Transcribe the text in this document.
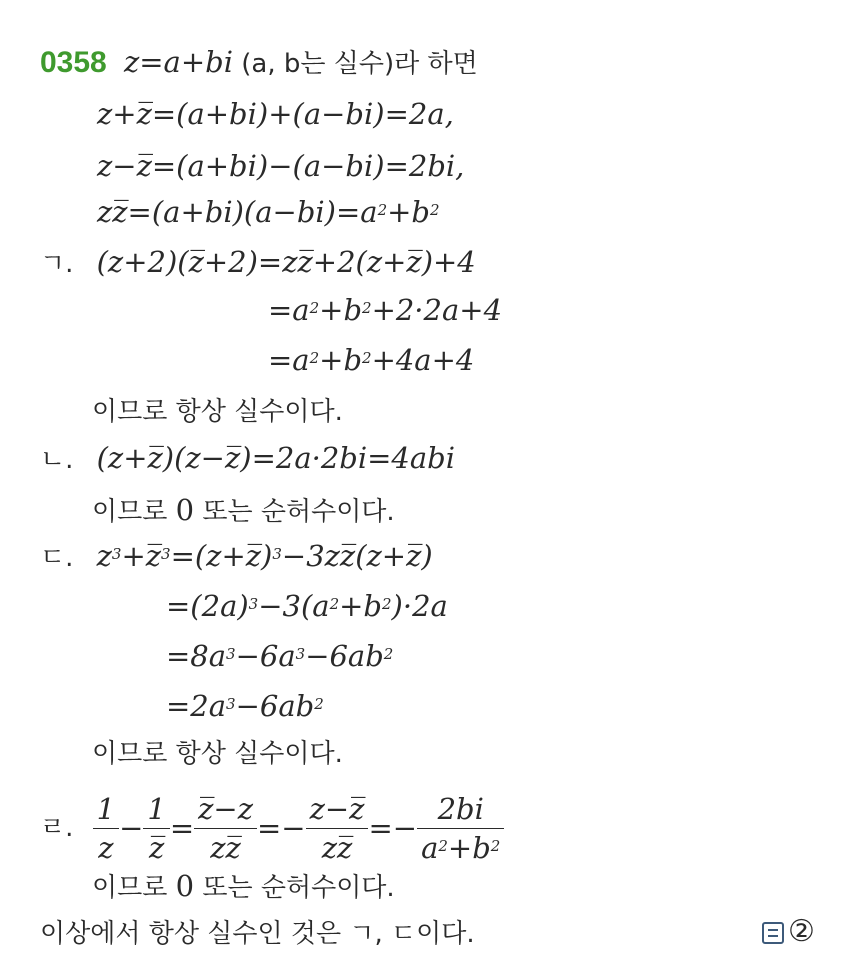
0358 z=a+bi (a, b는 실수)라 하면
z+z̅=(a+bi)+(a−bi)=2a,
z−z̅=(a+bi)−(a−bi)=2bi,
$zz̅=(a+bi)(a-bi)=a^2+b^2$
ㄱ. (z+2)(z̅+2)=zz̅+2(z+z̅)+4
$=a^2+b^2+2\cdot 2a+4$
$=a^2+b^2+4a+4$
이므로 항상 실수이다.
ㄴ. (z+z̅)(z−z̅)=2a·2bi=4abi
이므로 0 또는 순허수이다.
ㄷ. $z^3+z̅^3=(z+z̅)^3-3zz̅(z+z̅)$
$=(2a)^3-3(a^2+b^2)\cdot 2a$
$=8a^3-6a^3-6ab^2$
$=2a^3-6ab^2$
이므로 항상 실수이다.
ㄹ. $\frac{1}{z} - \frac{1}{z̅} = \frac{z̅-z}{zz̅} =- \frac{z-z̅}{zz̅} =- \frac{2bi}{a^2+b^2}$
이므로 0 또는 순허수이다.
이상에서 항상 실수인 것은 ㄱ, ㄷ이다.	②
